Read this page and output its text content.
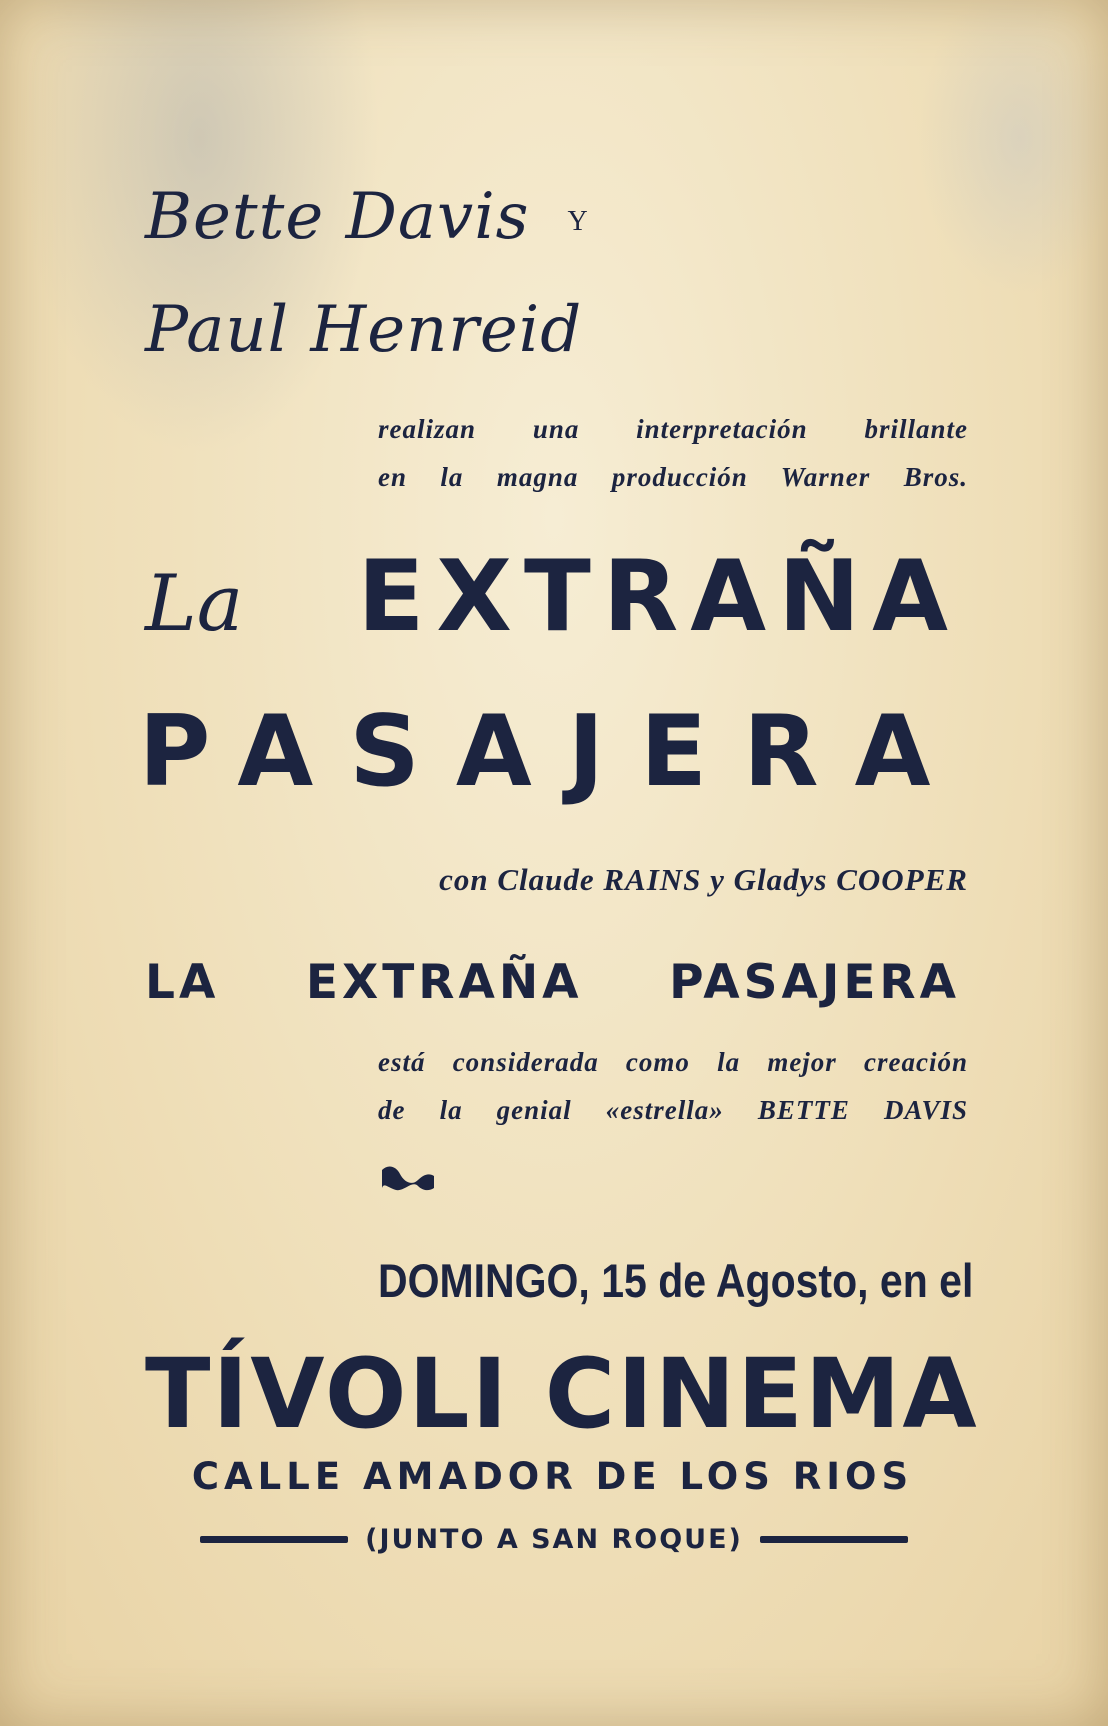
Bette Davis Y
Paul Henreid
realizan una interpretación brillante
en la magna producción Warner Bros.
La EXTRAÑA
PASAJERA
con Claude RAINS y Gladys COOPER
LA EXTRAÑA PASAJERA
está considerada como la mejor creación
de la genial «estrella» BETTE DAVIS
DOMINGO, 15 de Agosto, en el
TÍVOLI CINEMA
CALLE AMADOR DE LOS RIOS
(JUNTO A SAN ROQUE)
